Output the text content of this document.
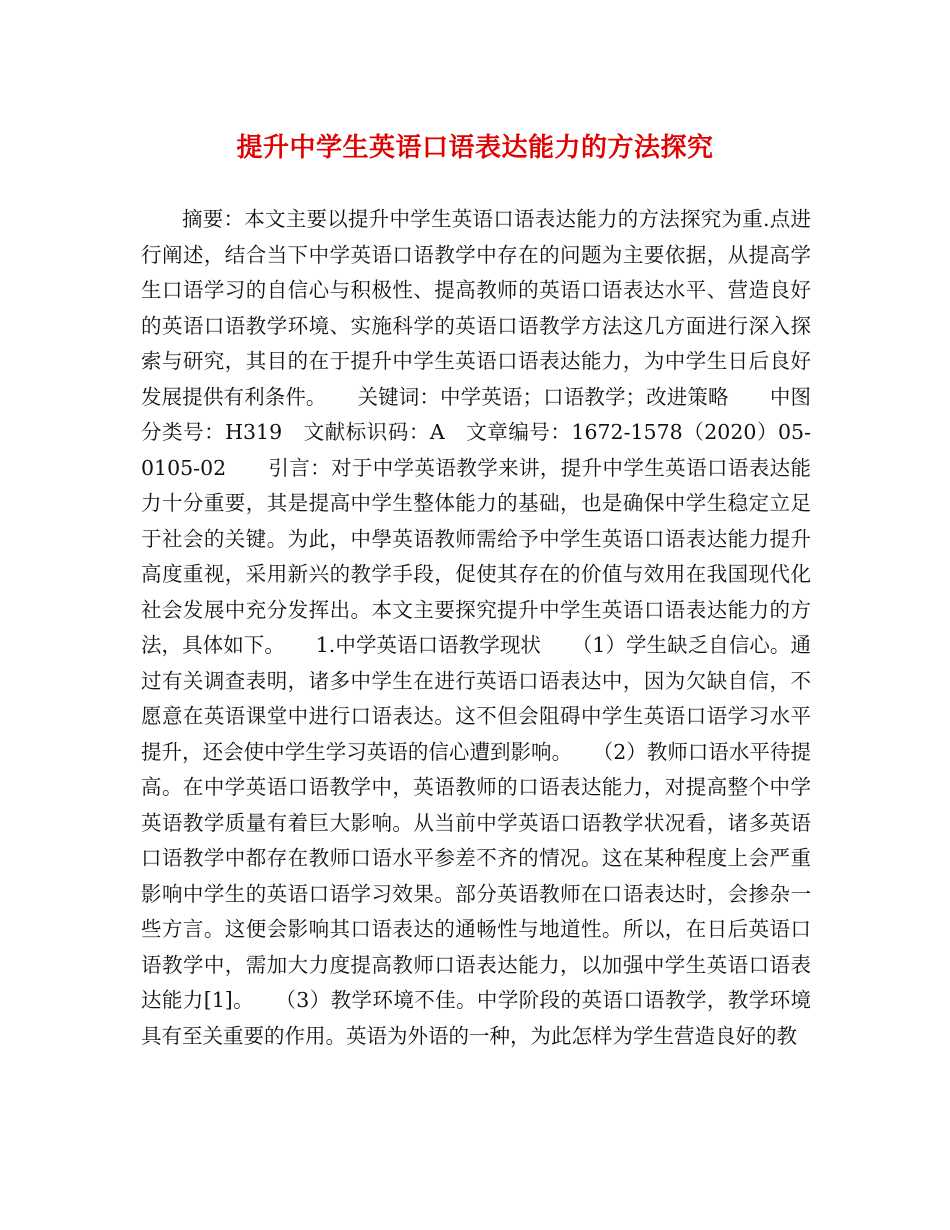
提升中学生英语口语表达能力的方法探究

摘要：本文主要以提升中学生英语口语表达能力的方法探究为重.点进行阐述，结合当下中学英语口语教学中存在的问题为主要依据，从提高学生口语学习的自信心与积极性、提高教师的英语口语表达水平、营造良好的英语口语教学环境、实施科学的英语口语教学方法这几方面进行深入探索与研究，其目的在于提升中学生英语口语表达能力，为中学生日后良好发展提供有利条件。　　关键词：中学英语；口语教学；改进策略　　中图分类号：H319　文献标识码：A　文章编号：1672-1578（2020）05-0105-02　　引言：对于中学英语教学来讲，提升中学生英语口语表达能力十分重要，其是提高中学生整体能力的基础，也是确保中学生稳定立足于社会的关键。为此，中學英语教师需给予中学生英语口语表达能力提升高度重视，采用新兴的教学手段，促使其存在的价值与效用在我国现代化社会发展中充分发挥出。本文主要探究提升中学生英语口语表达能力的方法，具体如下。　　1.中学英语口语教学现状　　（1）学生缺乏自信心。通过有关调查表明，诸多中学生在进行英语口语表达中，因为欠缺自信，不愿意在英语课堂中进行口语表达。这不但会阻碍中学生英语口语学习水平提升，还会使中学生学习英语的信心遭到影响。　　（2）教师口语水平待提高。在中学英语口语教学中，英语教师的口语表达能力，对提高整个中学英语教学质量有着巨大影响。从当前中学英语口语教学状况看，诸多英语口语教学中都存在教师口语水平参差不齐的情况。这在某种程度上会严重影响中学生的英语口语学习效果。部分英语教师在口语表达时，会掺杂一些方言。这便会影响其口语表达的通畅性与地道性。所以，在日后英语口语教学中，需加大力度提高教师口语表达能力，以加强中学生英语口语表达能力[1]。　　（3）教学环境不佳。中学阶段的英语口语教学，教学环境具有至关重要的作用。英语为外语的一种，为此怎样为学生营造良好的教
